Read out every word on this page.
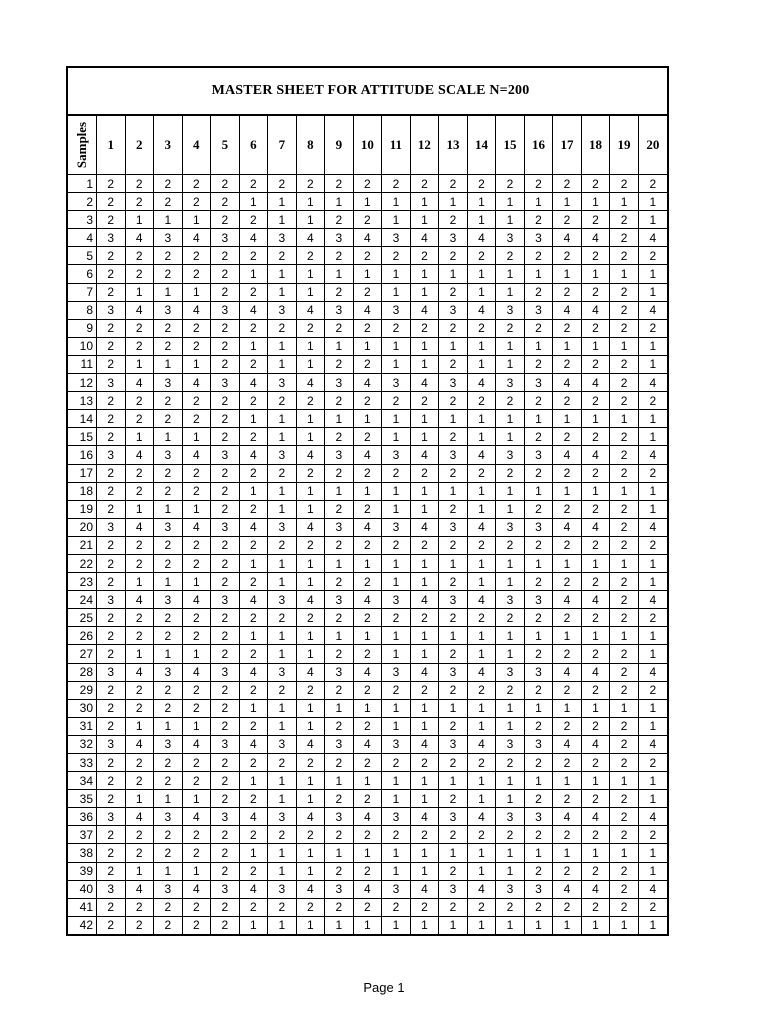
MASTER SHEET FOR ATTITUDE SCALE N=200
Samples	1	2	3	4	5	6	7	8	9	10	11	12	13	14	15	16	17	18	19	20
1	2	2	2	2	2	2	2	2	2	2	2	2	2	2	2	2	2	2	2	2
2	2	2	2	2	2	1	1	1	1	1	1	1	1	1	1	1	1	1	1	1
3	2	1	1	1	2	2	1	1	2	2	1	1	2	1	1	2	2	2	2	1
4	3	4	3	4	3	4	3	4	3	4	3	4	3	4	3	3	4	4	2	4
5	2	2	2	2	2	2	2	2	2	2	2	2	2	2	2	2	2	2	2	2
6	2	2	2	2	2	1	1	1	1	1	1	1	1	1	1	1	1	1	1	1
7	2	1	1	1	2	2	1	1	2	2	1	1	2	1	1	2	2	2	2	1
8	3	4	3	4	3	4	3	4	3	4	3	4	3	4	3	3	4	4	2	4
9	2	2	2	2	2	2	2	2	2	2	2	2	2	2	2	2	2	2	2	2
10	2	2	2	2	2	1	1	1	1	1	1	1	1	1	1	1	1	1	1	1
11	2	1	1	1	2	2	1	1	2	2	1	1	2	1	1	2	2	2	2	1
12	3	4	3	4	3	4	3	4	3	4	3	4	3	4	3	3	4	4	2	4
13	2	2	2	2	2	2	2	2	2	2	2	2	2	2	2	2	2	2	2	2
14	2	2	2	2	2	1	1	1	1	1	1	1	1	1	1	1	1	1	1	1
15	2	1	1	1	2	2	1	1	2	2	1	1	2	1	1	2	2	2	2	1
16	3	4	3	4	3	4	3	4	3	4	3	4	3	4	3	3	4	4	2	4
17	2	2	2	2	2	2	2	2	2	2	2	2	2	2	2	2	2	2	2	2
18	2	2	2	2	2	1	1	1	1	1	1	1	1	1	1	1	1	1	1	1
19	2	1	1	1	2	2	1	1	2	2	1	1	2	1	1	2	2	2	2	1
20	3	4	3	4	3	4	3	4	3	4	3	4	3	4	3	3	4	4	2	4
21	2	2	2	2	2	2	2	2	2	2	2	2	2	2	2	2	2	2	2	2
22	2	2	2	2	2	1	1	1	1	1	1	1	1	1	1	1	1	1	1	1
23	2	1	1	1	2	2	1	1	2	2	1	1	2	1	1	2	2	2	2	1
24	3	4	3	4	3	4	3	4	3	4	3	4	3	4	3	3	4	4	2	4
25	2	2	2	2	2	2	2	2	2	2	2	2	2	2	2	2	2	2	2	2
26	2	2	2	2	2	1	1	1	1	1	1	1	1	1	1	1	1	1	1	1
27	2	1	1	1	2	2	1	1	2	2	1	1	2	1	1	2	2	2	2	1
28	3	4	3	4	3	4	3	4	3	4	3	4	3	4	3	3	4	4	2	4
29	2	2	2	2	2	2	2	2	2	2	2	2	2	2	2	2	2	2	2	2
30	2	2	2	2	2	1	1	1	1	1	1	1	1	1	1	1	1	1	1	1
31	2	1	1	1	2	2	1	1	2	2	1	1	2	1	1	2	2	2	2	1
32	3	4	3	4	3	4	3	4	3	4	3	4	3	4	3	3	4	4	2	4
33	2	2	2	2	2	2	2	2	2	2	2	2	2	2	2	2	2	2	2	2
34	2	2	2	2	2	1	1	1	1	1	1	1	1	1	1	1	1	1	1	1
35	2	1	1	1	2	2	1	1	2	2	1	1	2	1	1	2	2	2	2	1
36	3	4	3	4	3	4	3	4	3	4	3	4	3	4	3	3	4	4	2	4
37	2	2	2	2	2	2	2	2	2	2	2	2	2	2	2	2	2	2	2	2
38	2	2	2	2	2	1	1	1	1	1	1	1	1	1	1	1	1	1	1	1
39	2	1	1	1	2	2	1	1	2	2	1	1	2	1	1	2	2	2	2	1
40	3	4	3	4	3	4	3	4	3	4	3	4	3	4	3	3	4	4	2	4
41	2	2	2	2	2	2	2	2	2	2	2	2	2	2	2	2	2	2	2	2
42	2	2	2	2	2	1	1	1	1	1	1	1	1	1	1	1	1	1	1	1
Page 1
